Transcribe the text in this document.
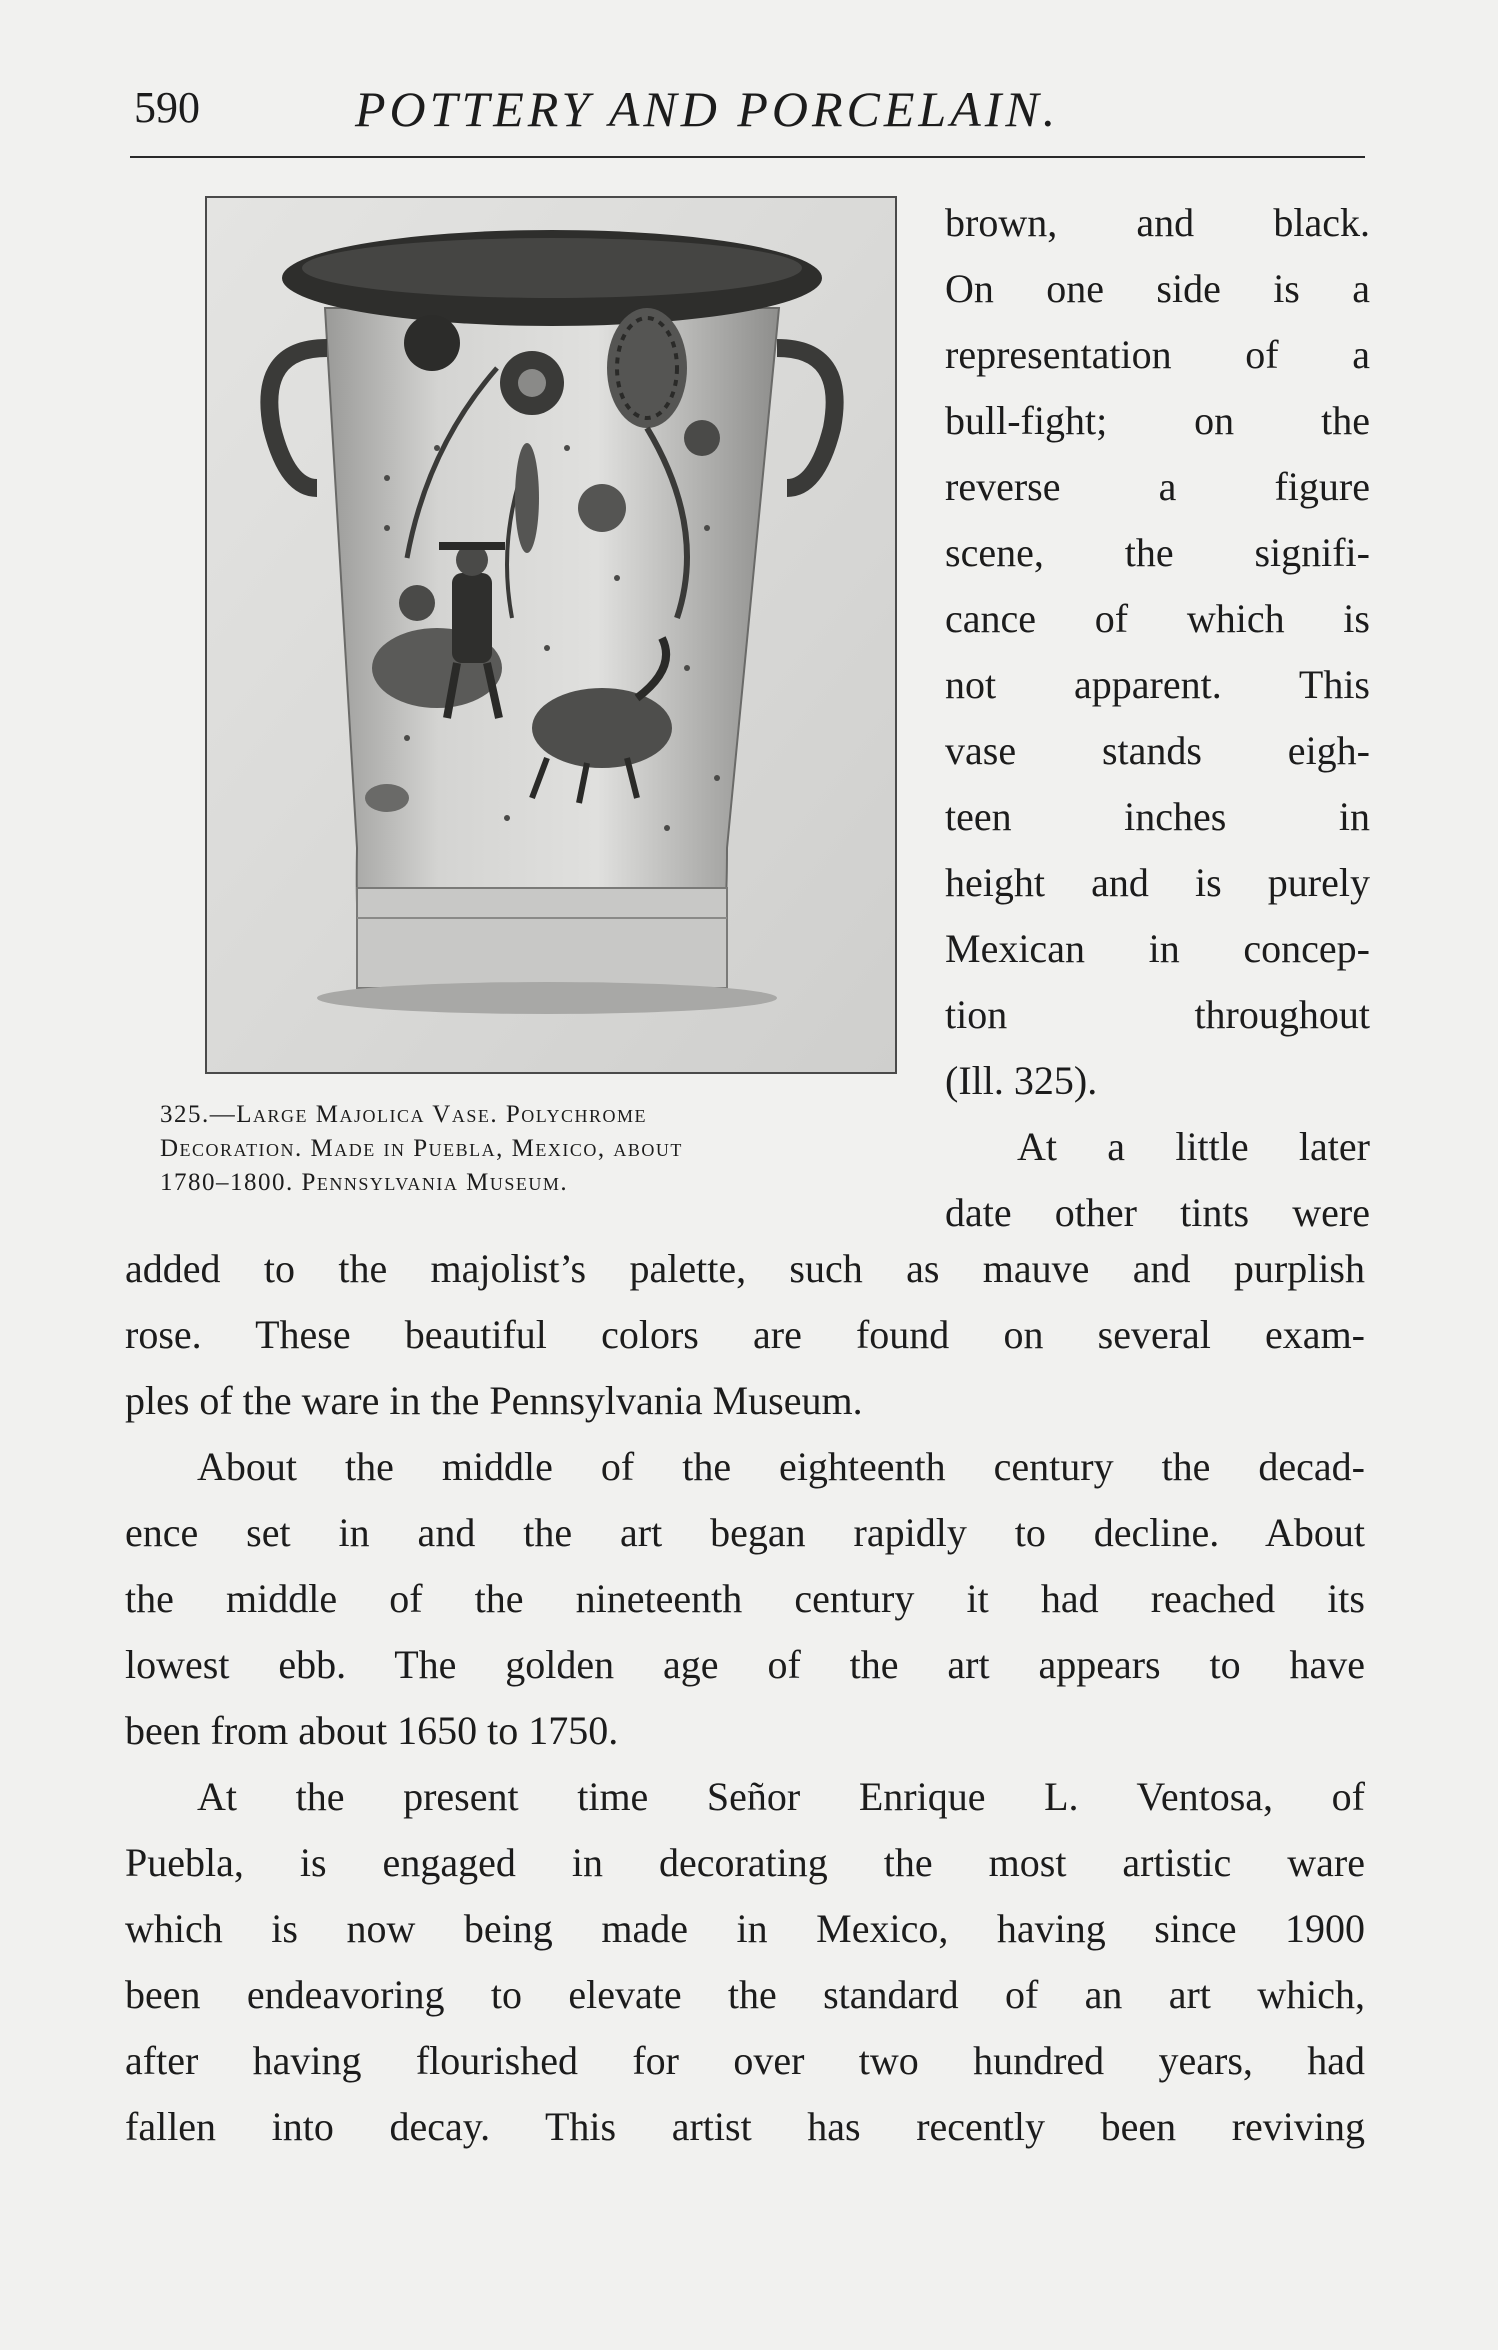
590	POTTERY AND PORCELAIN.
325.—Large Majolica Vase. Polychrome
Decoration. Made in Puebla, Mexico, about
1780–1800. Pennsylvania Museum.
brown, and black.
On one side is a
representation of a
bull-fight; on the
reverse a figure
scene, the signifi-
cance of which is
not apparent. This
vase stands eigh-
teen inches in
height and is purely
Mexican in concep-
tion throughout
(Ill. 325).
At a little later
date other tints were
added to the majolist’s palette, such as mauve and purplish
rose. These beautiful colors are found on several exam-
ples of the ware in the Pennsylvania Museum.
About the middle of the eighteenth century the decad-
ence set in and the art began rapidly to decline. About
the middle of the nineteenth century it had reached its
lowest ebb. The golden age of the art appears to have
been from about 1650 to 1750.
At the present time Señor Enrique L. Ventosa, of
Puebla, is engaged in decorating the most artistic ware
which is now being made in Mexico, having since 1900
been endeavoring to elevate the standard of an art which,
after having flourished for over two hundred years, had
fallen into decay. This artist has recently been reviving
